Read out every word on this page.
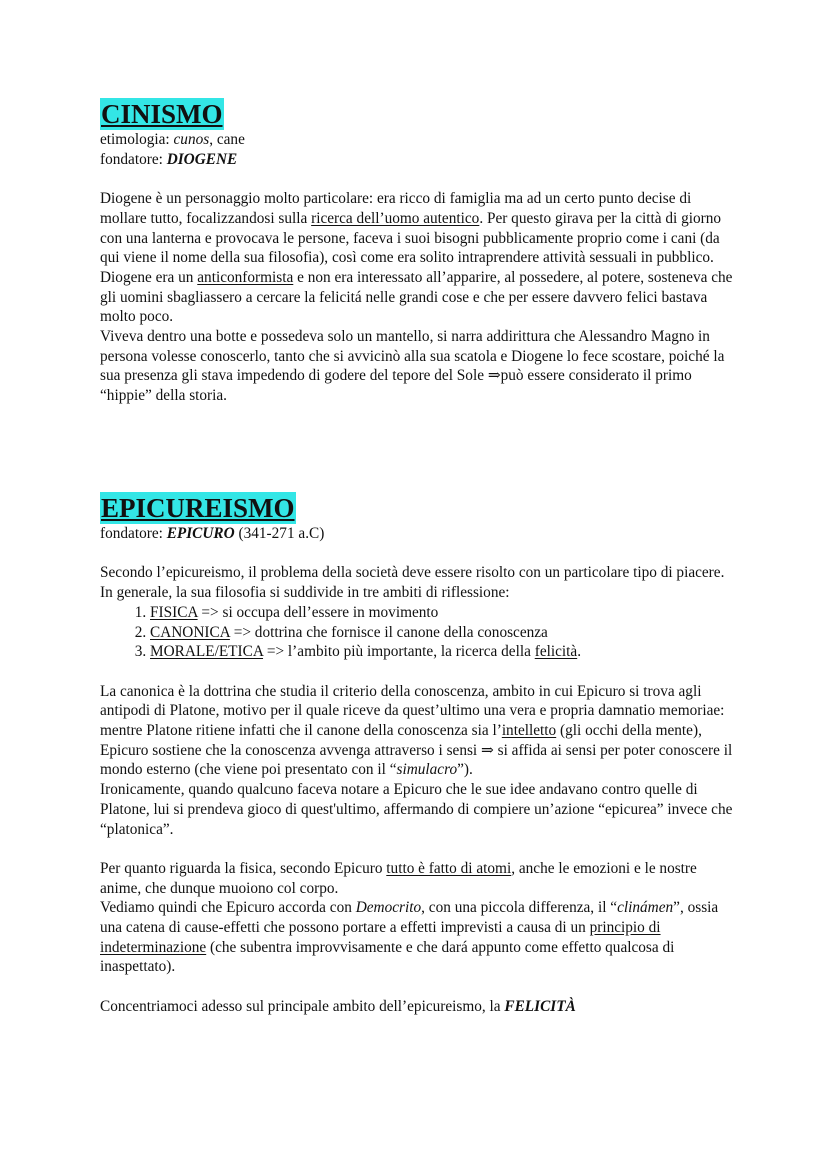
CINISMO

etimologia: cunos, cane

fondatore: DIOGENE

Diogene è un personaggio molto particolare: era ricco di famiglia ma ad un certo punto decise di mollare tutto, focalizzandosi sulla ricerca dell’uomo autentico. Per questo girava per la città di giorno con una lanterna e provocava le persone, faceva i suoi bisogni pubblicamente proprio come i cani (da qui viene il nome della sua filosofia), così come era solito intraprendere attività sessuali in pubblico.

Diogene era un anticonformista e non era interessato all’apparire, al possedere, al potere, sosteneva che gli uomini sbagliassero a cercare la felicitá nelle grandi cose e che per essere davvero felici bastava molto poco.

Viveva dentro una botte e possedeva solo un mantello, si narra addirittura che Alessandro Magno in persona volesse conoscerlo, tanto che si avvicinò alla sua scatola e Diogene lo fece scostare, poiché la sua presenza gli stava impedendo di godere del tepore del Sole ⇒può essere considerato il primo “hippie” della storia.

EPICUREISMO

fondatore: EPICURO (341-271 a.C)

Secondo l’epicureismo, il problema della società deve essere risolto con un particolare tipo di piacere.

In generale, la sua filosofia si suddivide in tre ambiti di riflessione:

1. FISICA => si occupa dell’essere in movimento
2. CANONICA => dottrina che fornisce il canone della conoscenza
3. MORALE/ETICA => l’ambito più importante, la ricerca della felicità.

La canonica è la dottrina che studia il criterio della conoscenza, ambito in cui Epicuro si trova agli antipodi di Platone, motivo per il quale riceve da quest’ultimo una vera e propria damnatio memoriae: mentre Platone ritiene infatti che il canone della conoscenza sia l’intelletto (gli occhi della mente), Epicuro sostiene che la conoscenza avvenga attraverso i sensi ⇒ si affida ai sensi per poter conoscere il mondo esterno (che viene poi presentato con il “simulacro”).

Ironicamente, quando qualcuno faceva notare a Epicuro che le sue idee andavano contro quelle di Platone, lui si prendeva gioco di quest'ultimo, affermando di compiere un’azione “epicurea” invece che “platonica”.

Per quanto riguarda la fisica, secondo Epicuro tutto è fatto di atomi, anche le emozioni e le nostre anime, che dunque muoiono col corpo.

Vediamo quindi che Epicuro accorda con Democrito, con una piccola differenza, il “clinámen”, ossia una catena di cause-effetti che possono portare a effetti imprevisti a causa di un principio di indeterminazione (che subentra improvvisamente e che dará appunto come effetto qualcosa di inaspettato).

Concentriamoci adesso sul principale ambito dell’epicureismo, la FELICITÀ
